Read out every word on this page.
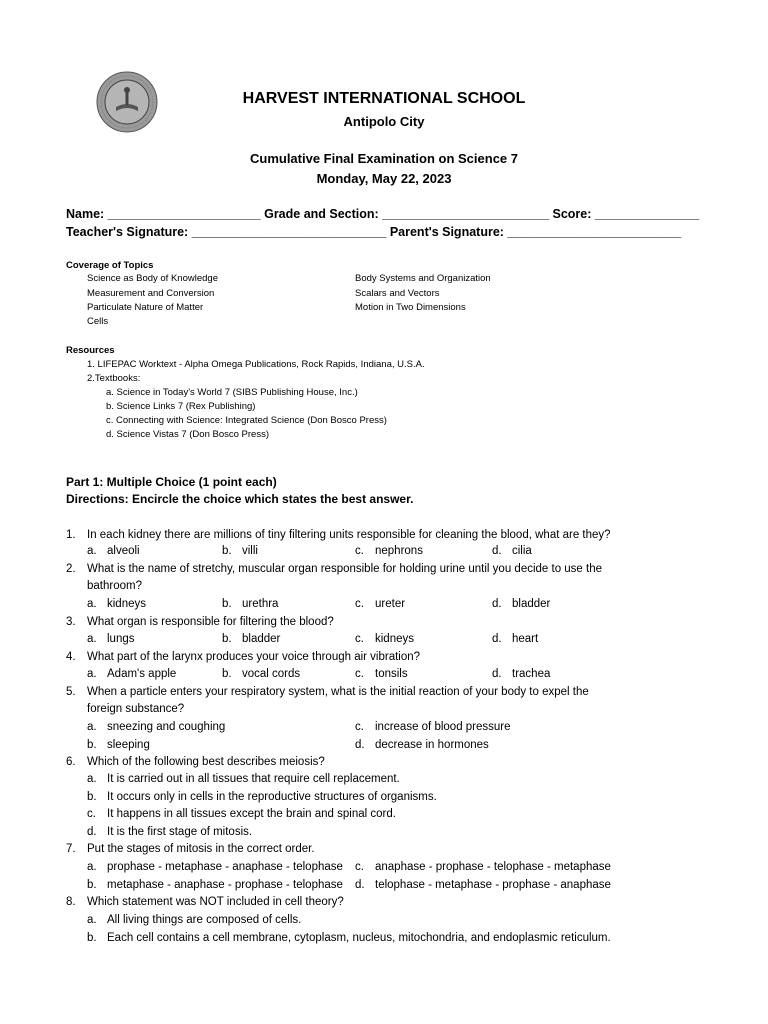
HARVEST INTERNATIONAL SCHOOL
Antipolo City
Cumulative Final Examination on Science 7
Monday, May 22, 2023
Name: ______________________ Grade and Section: ________________________ Score: _______________
Teacher's Signature: ____________________________ Parent's Signature: _________________________
Coverage of Topics
Science as Body of Knowledge
Measurement and Conversion
Particulate Nature of Matter
Cells
Body Systems and Organization
Scalars and Vectors
Motion in Two Dimensions
Resources
1. LIFEPAC Worktext - Alpha Omega Publications, Rock Rapids, Indiana, U.S.A.
2.Textbooks:
a. Science in Today's World 7 (SIBS Publishing House, Inc.)
b. Science Links 7 (Rex Publishing)
c. Connecting with Science: Integrated Science (Don Bosco Press)
d. Science Vistas 7 (Don Bosco Press)
Part 1: Multiple Choice (1 point each)
Directions: Encircle the choice which states the best answer.
1. In each kidney there are millions of tiny filtering units responsible for cleaning the blood, what are they?
a. alveoli	b. villi	c. nephrons	d. cilia
2. What is the name of stretchy, muscular organ responsible for holding urine until you decide to use the
bathroom?
a. kidneys	b. urethra	c. ureter	d. bladder
3. What organ is responsible for filtering the blood?
a. lungs	b. bladder	c. kidneys	d. heart
4. What part of the larynx produces your voice through air vibration?
a. Adam's apple	b. vocal cords	c. tonsils	d. trachea
5. When a particle enters your respiratory system, what is the initial reaction of your body to expel the
foreign substance?
a. sneezing and coughing	c. increase of blood pressure
b. sleeping	d. decrease in hormones
6. Which of the following best describes meiosis?
a. It is carried out in all tissues that require cell replacement.
b. It occurs only in cells in the reproductive structures of organisms.
c. It happens in all tissues except the brain and spinal cord.
d. It is the first stage of mitosis.
7. Put the stages of mitosis in the correct order.
a. prophase - metaphase - anaphase - telophase c. anaphase - prophase - telophase - metaphase
b. metaphase - anaphase - prophase - telophase d. telophase - metaphase - prophase - anaphase
8. Which statement was NOT included in cell theory?
a. All living things are composed of cells.
b. Each cell contains a cell membrane, cytoplasm, nucleus, mitochondria, and endoplasmic reticulum.
